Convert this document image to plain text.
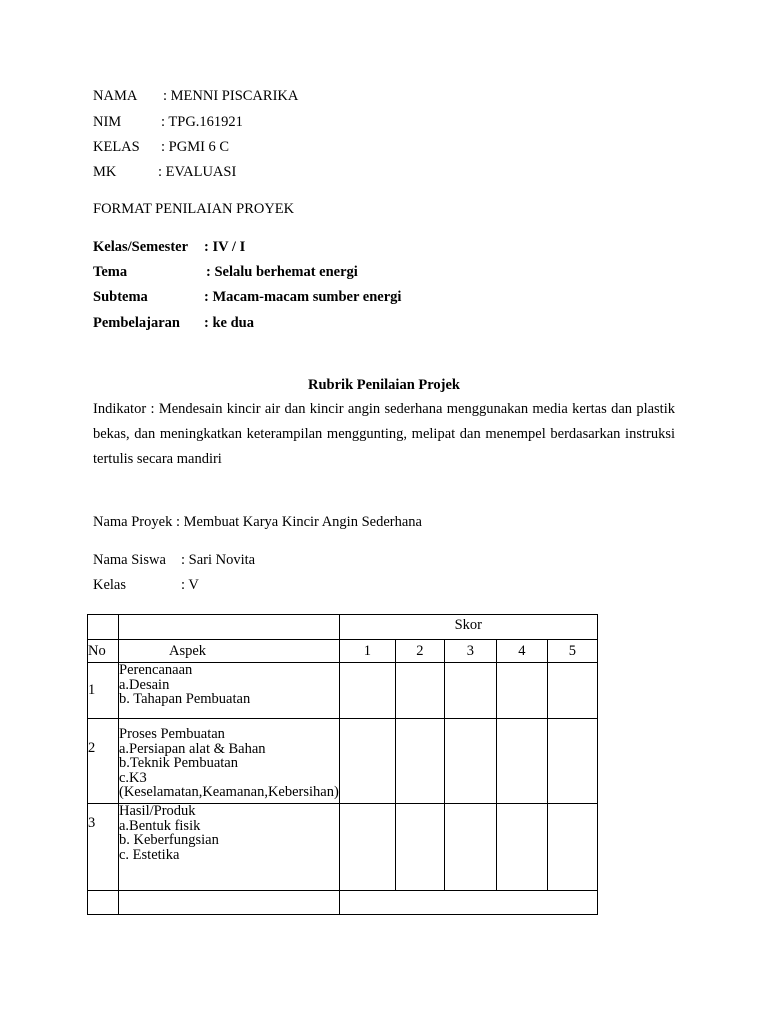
NAMA : MENNI PISCARIKA
NIM	: TPG.161921
KELAS : PGMI 6 C
MK	: EVALUASI
FORMAT PENILAIAN PROYEK
Kelas/Semester : IV / I
Tema	: Selalu berhemat energi
Subtema	: Macam-macam sumber energi
Pembelajaran : ke dua
Rubrik Penilaian Projek
Indikator : Mendesain kincir air dan kincir angin sederhana menggunakan media kertas dan plastik bekas, dan meningkatkan keterampilan menggunting, melipat dan menempel berdasarkan instruksi tertulis secara mandiri
Nama Proyek : Membuat Karya Kincir Angin Sederhana
Nama Siswa : Sari Novita
Kelas	: V
		Skor				
No	Aspek	1	2	3	4	5
1	Perencanaan
a.Desain
b. Tahapan Pembuatan					

2	Proses Pembuatan
a.Persiapan alat & Bahan
b.Teknik Pembuatan
c.K3
(Keselamatan,Keamanan,Kebersihan)					

3	Hasil/Produk
a.Bentuk fisik
b. Keberfungsian
c. Estetika					
